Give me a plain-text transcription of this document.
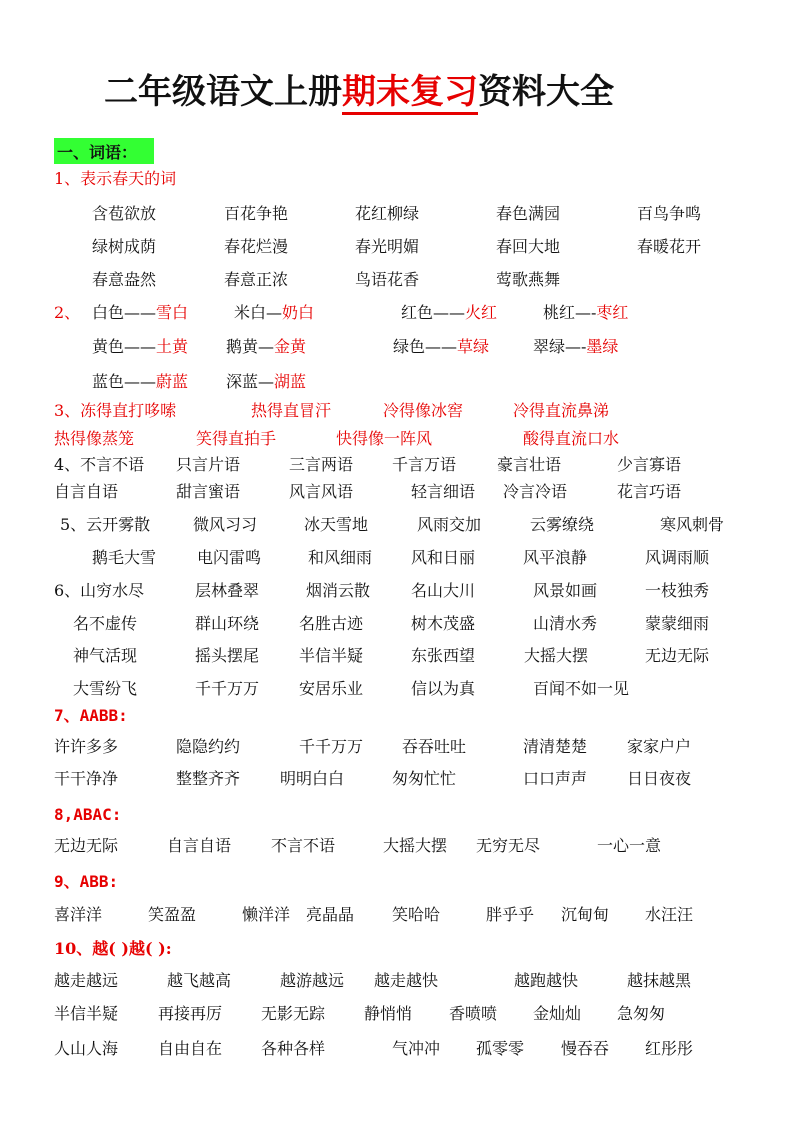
二年级语文上册期末复习资料大全
一、词语：
1、表示春天的词
含苞欲放	百花争艳	花红柳绿	春色满园	百鸟争鸣
绿树成荫	春花烂漫	春光明媚	春回大地	春暖花开
春意盎然	春意正浓	鸟语花香	莺歌燕舞
2、 白色——雪白	米白—奶白	红色——火红	桃红—-枣红
黄色——土黄 鹅黄—金黄	绿色——草绿	翠绿—-墨绿
蓝色——蔚蓝 深蓝—湖蓝
3、冻得直打哆嗦	热得直冒汗	冷得像冰窖	冷得直流鼻涕
热得像蒸笼	笑得直拍手	快得像一阵风	酸得直流口水
4、不言不语 只言片语	三言两语 千言万语	豪言壮语	少言寡语
自言自语	甜言蜜语	风言风语	轻言细语 冷言冷语	花言巧语
5、云开雾散	微风习习	冰天雪地	风雨交加	云雾缭绕	寒风刺骨
鹅毛大雪	电闪雷鸣	和风细雨 风和日丽	风平浪静	风调雨顺
6、山穷水尽	层林叠翠	烟消云散	名山大川	风景如画	一枝独秀
名不虚传	群山环绕 名胜古迹	树木茂盛	山清水秀	蒙蒙细雨
神气活现	摇头摆尾 半信半疑	东张西望	大摇大摆	无边无际
大雪纷飞	千千万万 安居乐业	信以为真	百闻不如一见
7、AABB:
许许多多	隐隐约约	千千万万 吞吞吐吐	清清楚楚 家家户户
干干净净	整整齐齐 明明白白	匆匆忙忙	口口声声 日日夜夜
8,ABAC:
无边无际	自言自语 不言不语	大摇大摆 无穷无尽	一心一意
9、ABB:
喜洋洋	笑盈盈	懒洋洋 亮晶晶 笑哈哈	胖乎乎 沉甸甸 水汪汪
10、越( )越( ):
越走越远	越飞越高	越游越远 越走越快	越跑越快	越抹越黑
半信半疑 再接再厉 无影无踪 静悄悄 香喷喷 金灿灿 急匆匆
人山人海 自由自在 各种各样	气冲冲 孤零零 慢吞吞 红彤彤
